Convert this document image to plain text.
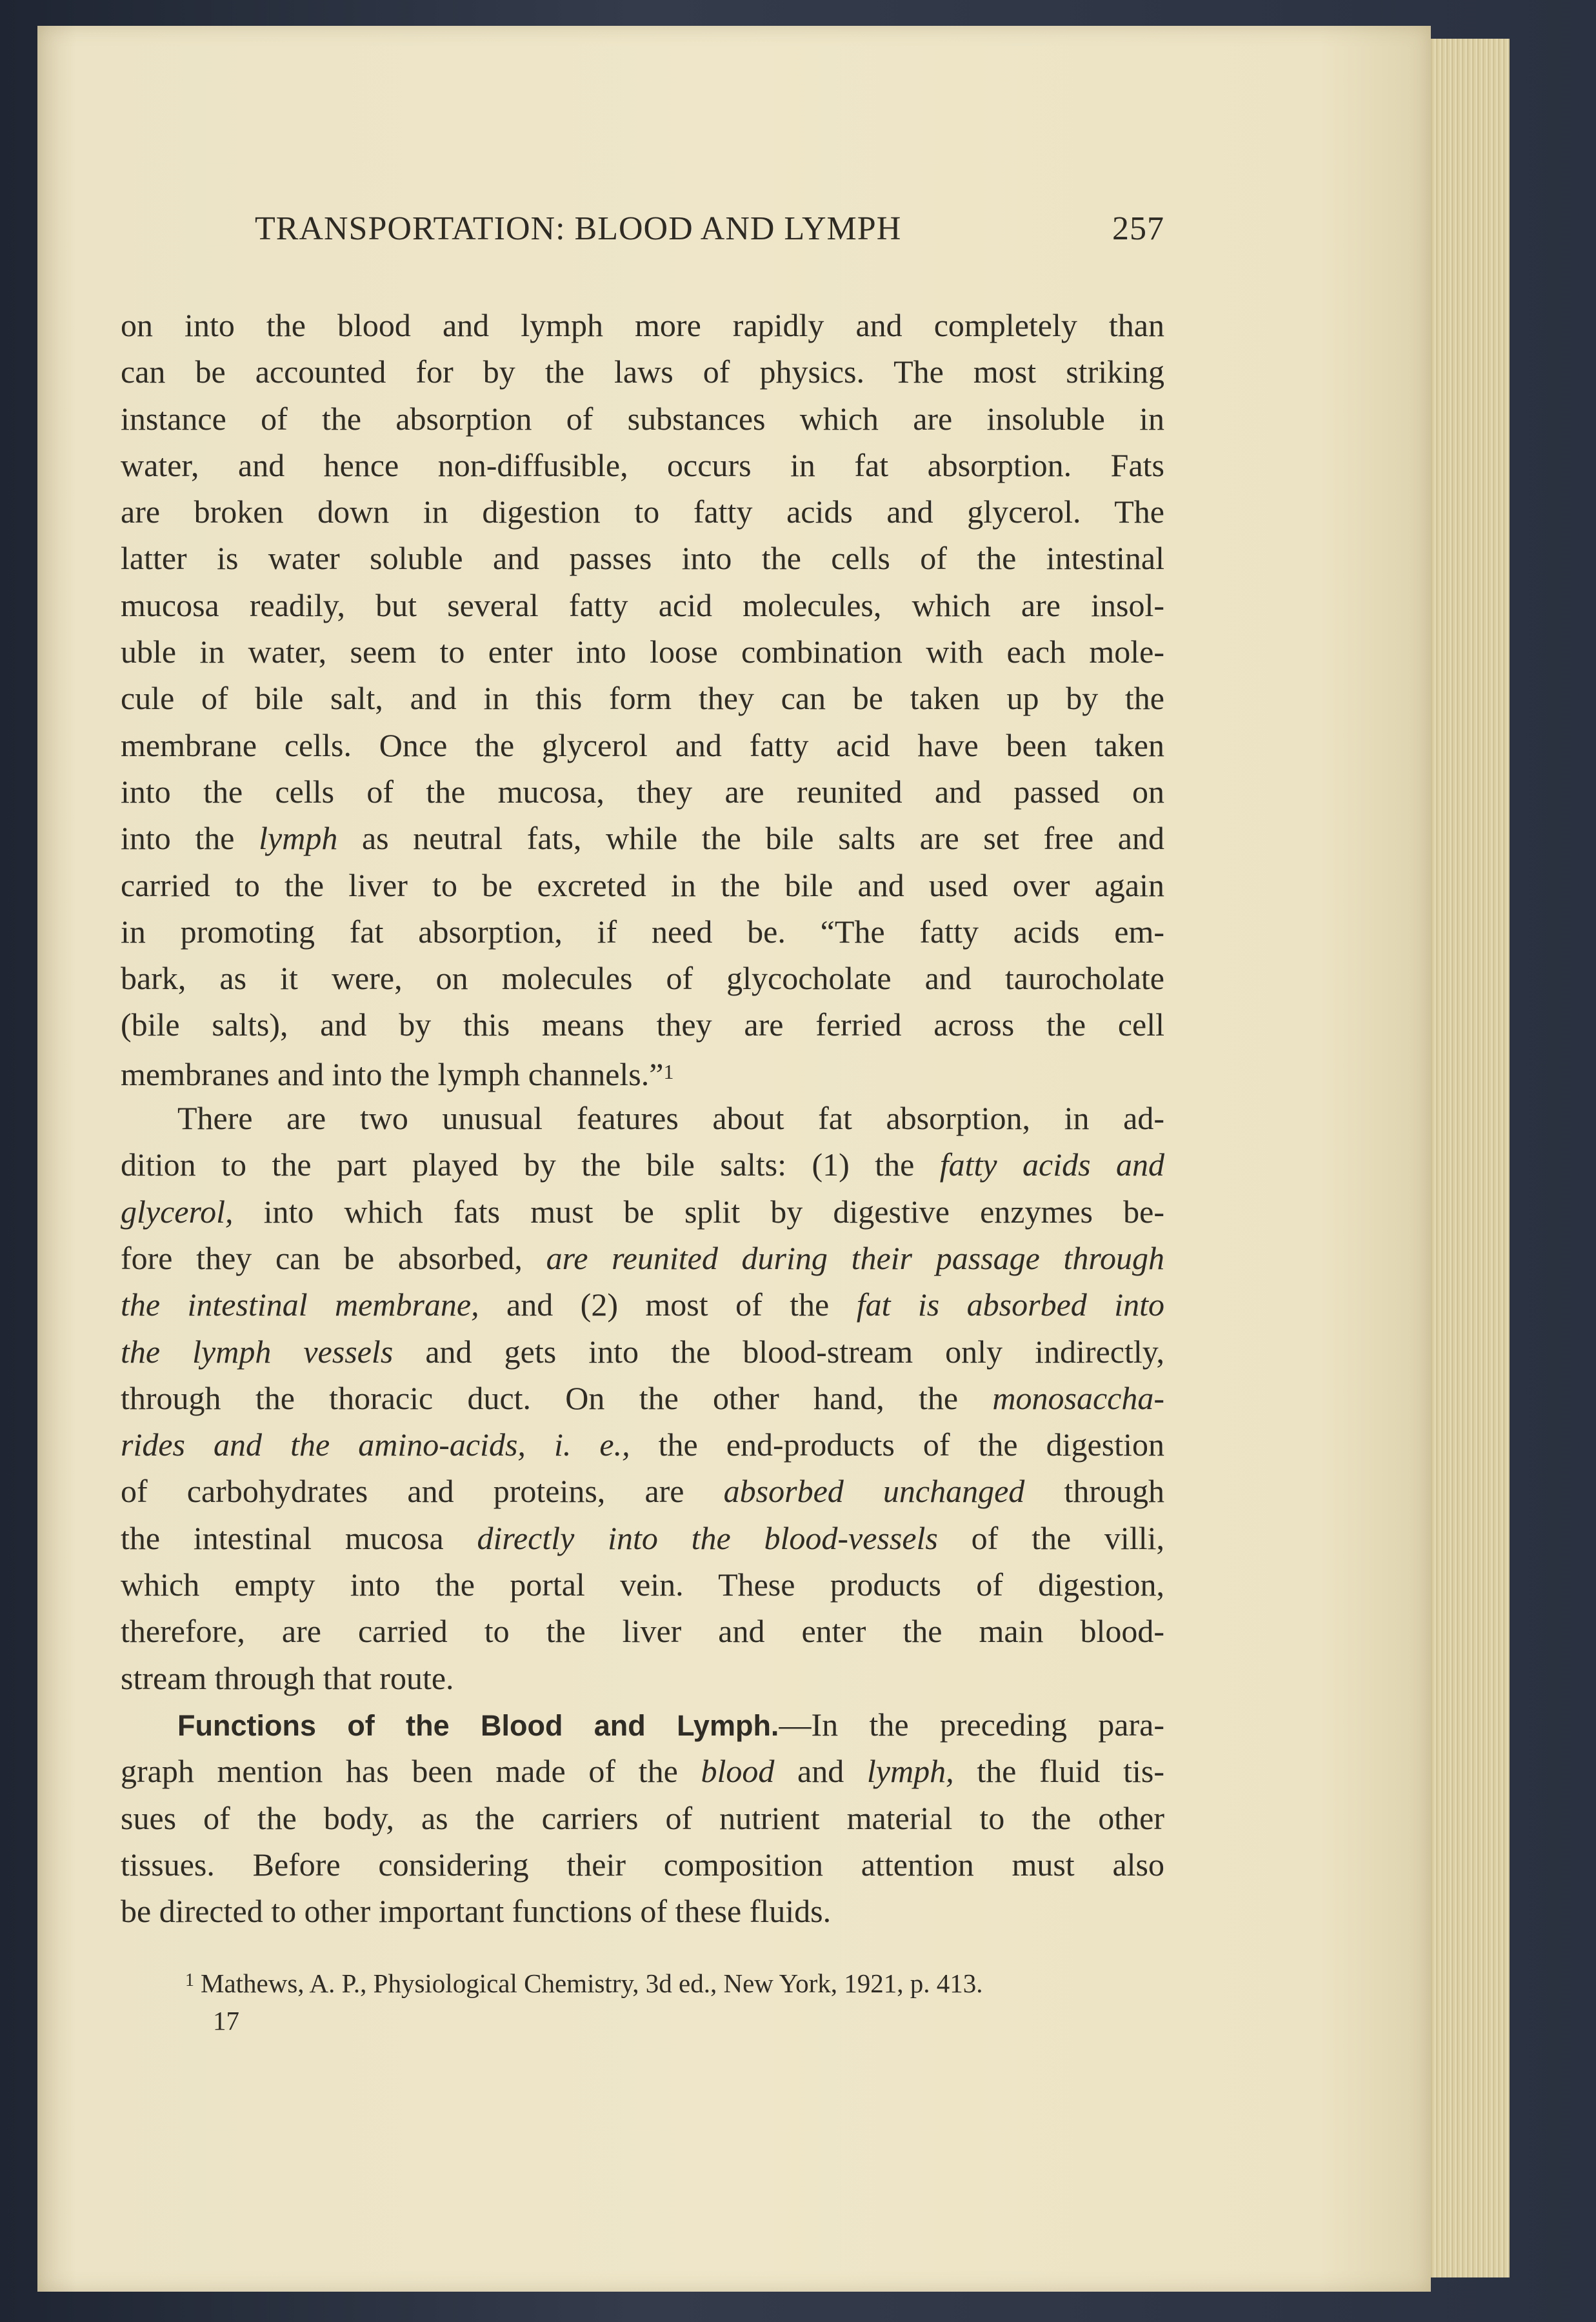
TRANSPORTATION: BLOOD AND LYMPH	257
on into the blood and lymph more rapidly and completely than
can be accounted for by the laws of physics. The most striking
instance of the absorption of substances which are insoluble in
water, and hence non-diffusible, occurs in fat absorption. Fats
are broken down in digestion to fatty acids and glycerol. The
latter is water soluble and passes into the cells of the intestinal
mucosa readily, but several fatty acid molecules, which are insol-
uble in water, seem to enter into loose combination with each mole-
cule of bile salt, and in this form they can be taken up by the
membrane cells. Once the glycerol and fatty acid have been taken
into the cells of the mucosa, they are reunited and passed on
into the lymph as neutral fats, while the bile salts are set free and
carried to the liver to be excreted in the bile and used over again
in promoting fat absorption, if need be. “The fatty acids em-
bark, as it were, on molecules of glycocholate and taurocholate
(bile salts), and by this means they are ferried across the cell
membranes and into the lymph channels.”$^1$
There are two unusual features about fat absorption, in ad-
dition to the part played by the bile salts: (1) the fatty acids and
glycerol, into which fats must be split by digestive enzymes be-
fore they can be absorbed, are reunited during their passage through
the intestinal membrane, and (2) most of the fat is absorbed into
the lymph vessels and gets into the blood-stream only indirectly,
through the thoracic duct. On the other hand, the monosaccha-
rides and the amino-acids, i. e., the end-products of the digestion
of carbohydrates and proteins, are absorbed unchanged through
the intestinal mucosa directly into the blood-vessels of the villi,
which empty into the portal vein. These products of digestion,
therefore, are carried to the liver and enter the main blood-
stream through that route.
Functions of the Blood and Lymph.—In the preceding para-
graph mention has been made of the blood and lymph, the fluid tis-
sues of the body, as the carriers of nutrient material to the other
tissues. Before considering their composition attention must also
be directed to other important functions of these fluids.
$^1$ Mathews, A. P., Physiological Chemistry, 3d ed., New York, 1921, p. 413.
17
